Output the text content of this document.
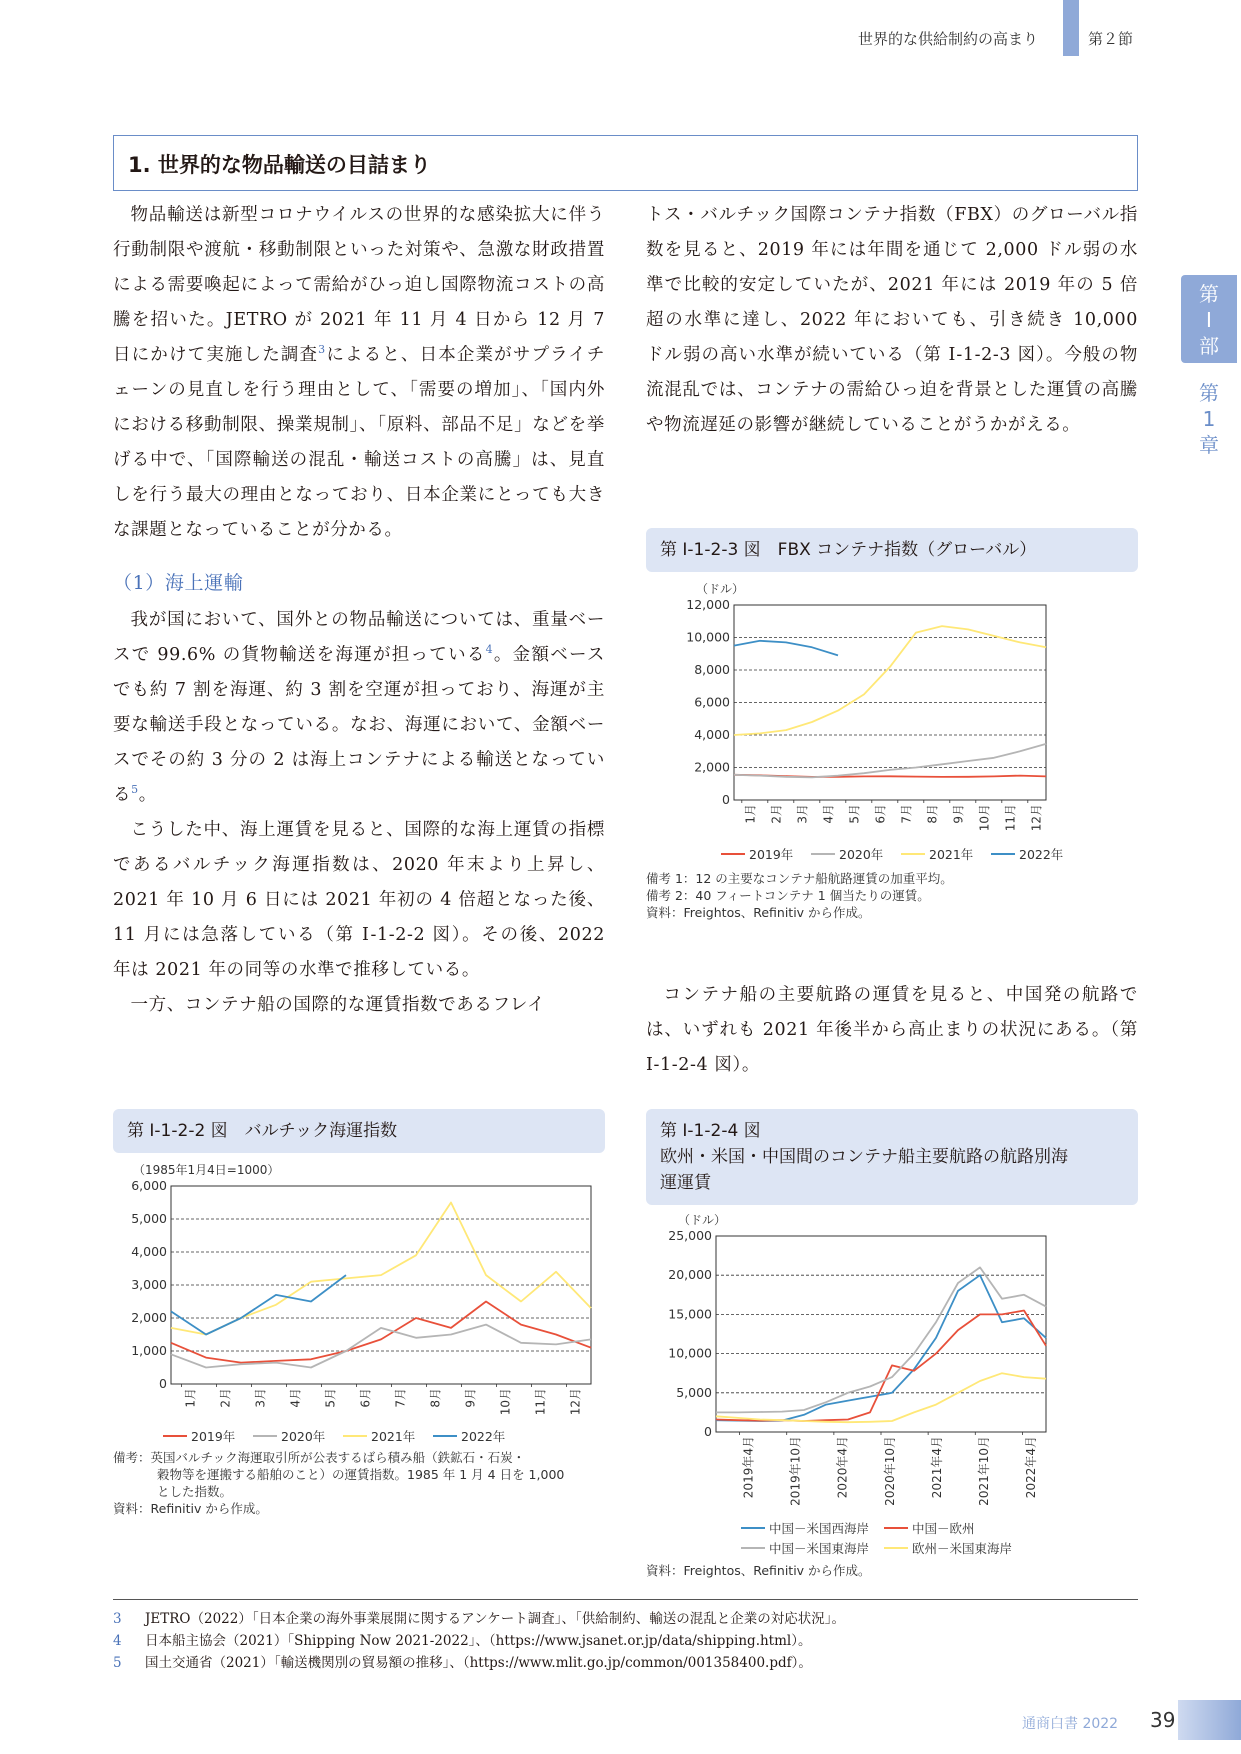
世界的な供給制約の高まり	第２節
第
Ⅰ
部
第
1
章
1. 世界的な物品輸送の目詰まり

物品輸送は新型コロナウイルスの世界的な感染拡大に伴う行動制限や渡航・移動制限といった対策や、急激な財政措置による需要喚起によって需給がひっ迫し国際物流コストの高騰を招いた。JETRO が 2021 年 11 月 4 日から 12 月 7 日にかけて実施した調査$^3$によると、日本企業がサプライチェーンの見直しを行う理由として、「需要の増加」、「国内外における移動制限、操業規制」、「原料、部品不足」などを挙げる中で、「国際輸送の混乱・輸送コストの高騰」は、見直しを行う最大の理由となっており、日本企業にとっても大きな課題となっていることが分かる。

（1）海上運輸

我が国において、国外との物品輸送については、重量ベースで 99.6% の貨物輸送を海運が担っている$^4$。金額ベースでも約 7 割を海運、約 3 割を空運が担っており、海運が主要な輸送手段となっている。なお、海運において、金額ベースでその約 3 分の 2 は海上コンテナによる輸送となっている$^5$。

こうした中、海上運賃を見ると、国際的な海上運賃の指標であるバルチック海運指数は、2020 年末より上昇し、2021 年 10 月 6 日には 2021 年初の 4 倍超となった後、11 月には急落している（第 Ⅰ-1-2-2 図）。その後、2022 年は 2021 年の同等の水準で推移している。

一方、コンテナ船の国際的な運賃指数であるフレイ

トス・バルチック国際コンテナ指数（FBX）のグローバル指数を見ると、2019 年には年間を通じて 2,000 ドル弱の水準で比較的安定していたが、2021 年には 2019 年の 5 倍超の水準に達し、2022 年においても、引き続き 10,000 ドル弱の高い水準が続いている（第 Ⅰ-1-2-3 図）。今般の物流混乱では、コンテナの需給ひっ迫を背景とした運賃の高騰や物流遅延の影響が継続していることがうかがえる。

コンテナ船の主要航路の運賃を見ると、中国発の航路では、いずれも 2021 年後半から高止まりの状況にある。（第 Ⅰ-1-2-4 図）。

第 Ⅰ-1-2-3 図　FBX コンテナ指数（グローバル）
（ドル）
0
2,000
4,000
6,000
8,000
10,000
12,000
1月 2月 3月 4月 5月 6月 7月 8月 9月 10月 11月 12月
2019年	2020年	2021年	2022年
備考 1：12 の主要なコンテナ船航路運賃の加重平均。
備考 2：40 フィートコンテナ 1 個当たりの運賃。
資料：Freightos、Refinitiv から作成。
第 Ⅰ-1-2-2 図　バルチック海運指数
（1985年1月4日=1000）
0
1,000
2,000
3,000
4,000
5,000
6,000
1月 2月 3月 4月 5月 6月 7月 8月 9月 10月 11月 12月
2019年	2020年	2021年	2022年
備考：英国バルチック海運取引所が公表するばら積み船（鉄鉱石・石炭・
穀物等を運搬する船舶のこと）の運賃指数。1985 年 1 月 4 日を 1,000
とした指数。
資料：Refinitiv から作成。
第 Ⅰ-1-2-4 図
欧州・米国・中国間のコンテナ船主要航路の航路別海
運運賃
（ドル）
0
5,000
10,000
15,000
20,000
25,000
2019年4月	2019年10月	2020年4月	2020年10月	2021年4月	2021年10月	2022年4月
中国－米国西海岸	中国－欧州
中国－米国東海岸	欧州－米国東海岸
資料：Freightos、Refinitiv から作成。
3	JETRO（2022）「日本企業の海外事業展開に関するアンケート調査」、「供給制約、輸送の混乱と企業の対応状況」。
4	日本船主協会（2021）「Shipping Now 2021-2022」、（https://www.jsanet.or.jp/data/shipping.html）。
5	国土交通省（2021）「輸送機関別の貿易額の推移」、（https://www.mlit.go.jp/common/001358400.pdf）。
通商白書 2022 39
